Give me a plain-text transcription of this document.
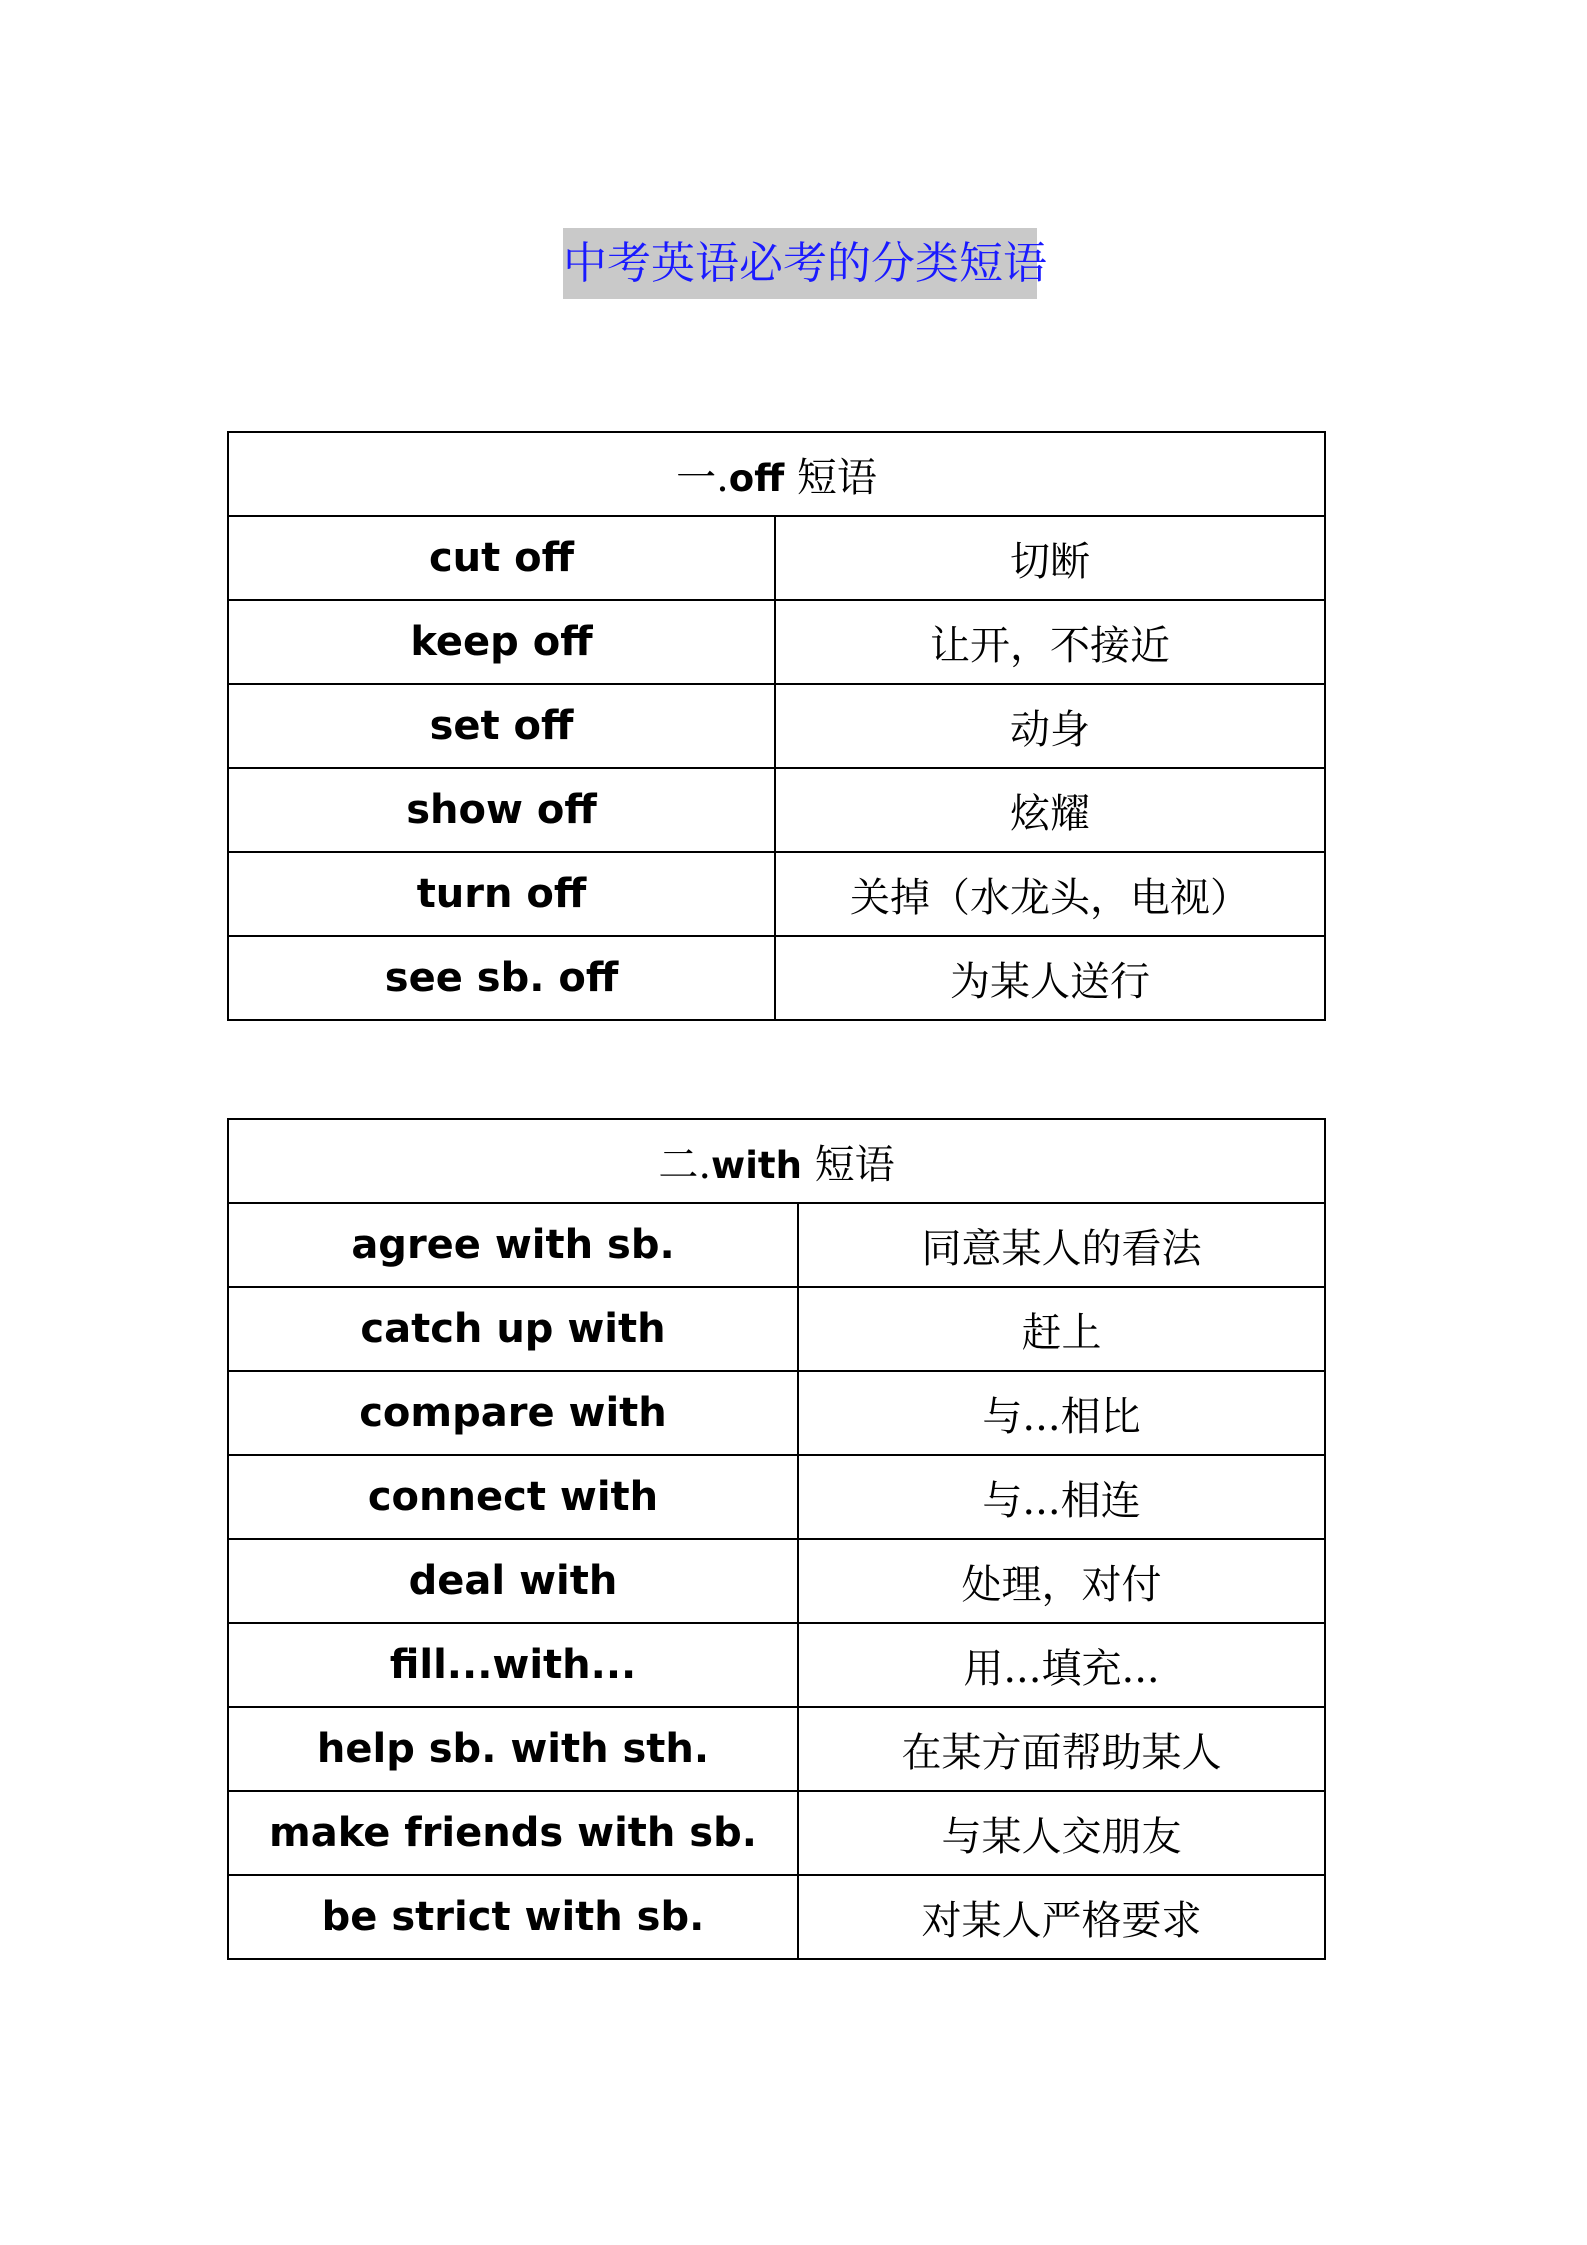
中考英语必考的分类短语
一.off 短语	
cut off	切断
keep off	让开，不接近
set off	动身
show off	炫耀
turn off	关掉（水龙头，电视）
see sb. off	为某人送行
二.with 短语	
agree with sb.	同意某人的看法
catch up with	赶上
compare with	与...相比
connect with	与...相连
deal with	处理，对付
fill...with...	用...填充...
help sb. with sth.	在某方面帮助某人
make friends with sb.	与某人交朋友
be strict with sb.	对某人严格要求
